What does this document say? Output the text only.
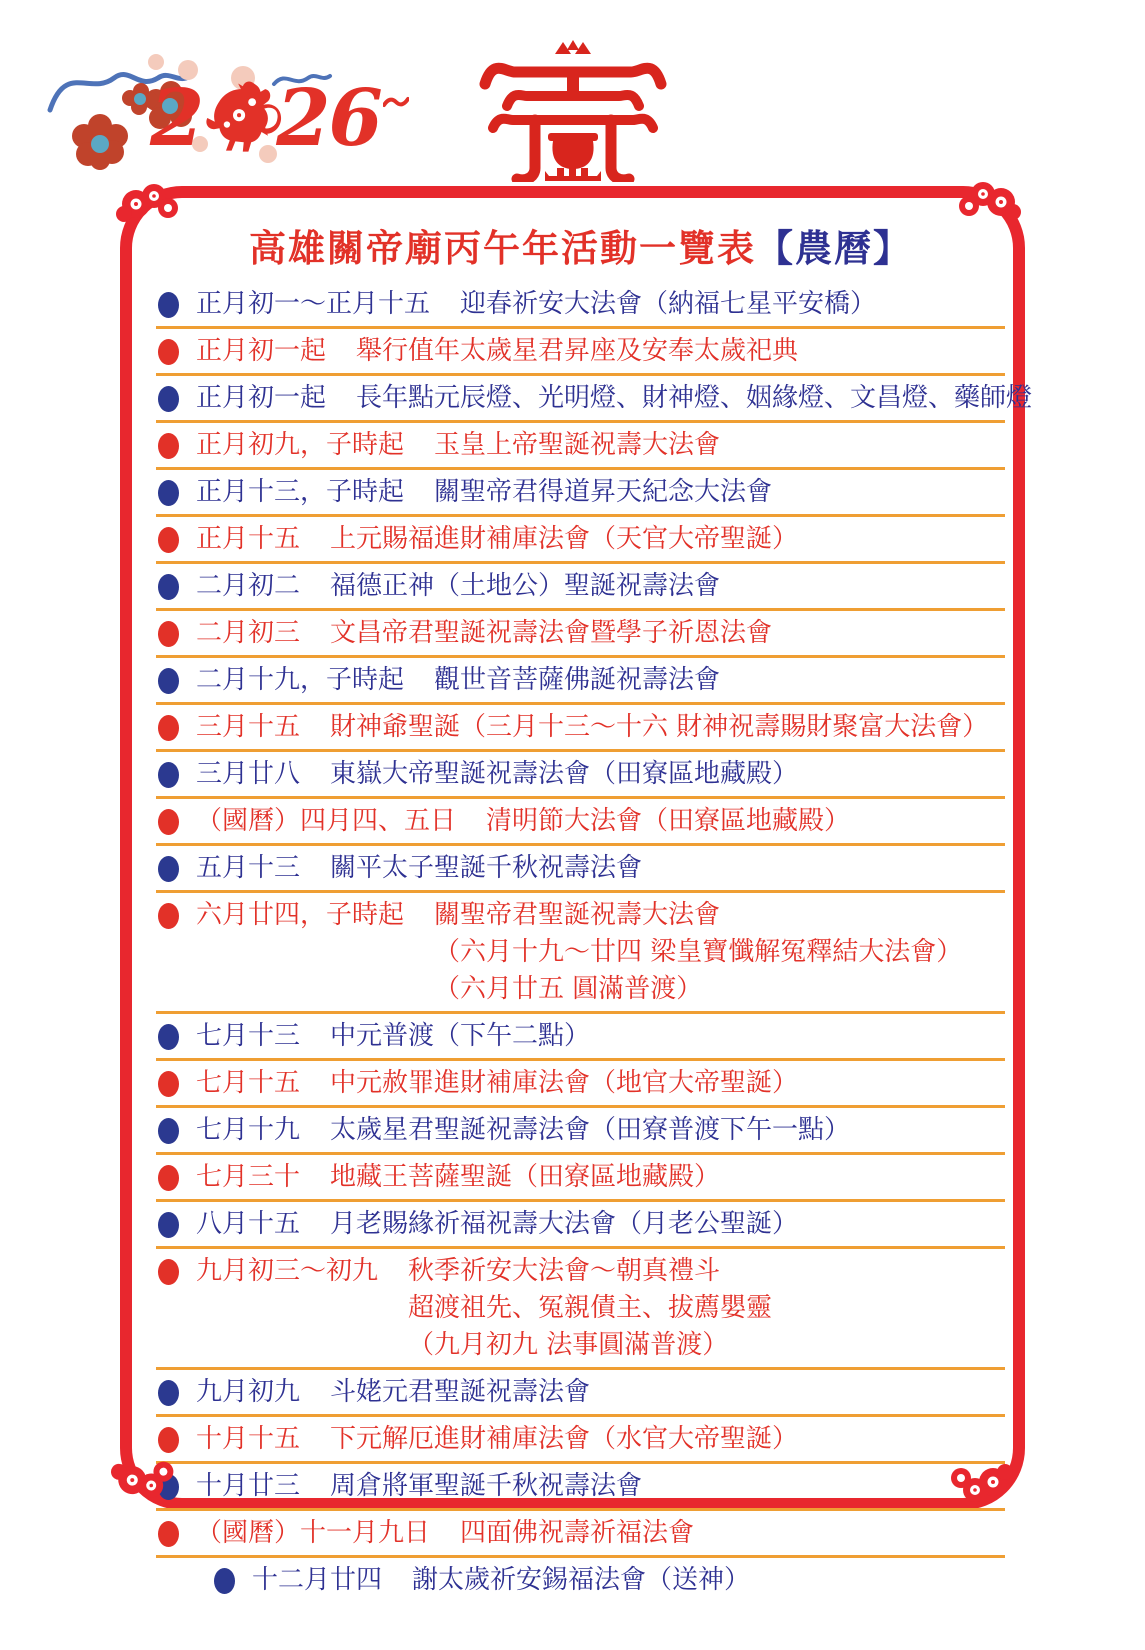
2 26
高雄關帝廟丙午年活動一覽表【農曆】
正月初一～正月十五 迎春祈安大法會（納福七星平安橋）
正月初一起 舉行值年太歲星君昇座及安奉太歲祀典
正月初一起 長年點元辰燈、光明燈、財神燈、姻緣燈、文昌燈、藥師燈
正月初九，子時起 玉皇上帝聖誕祝壽大法會
正月十三，子時起 關聖帝君得道昇天紀念大法會
正月十五 上元賜福進財補庫法會（天官大帝聖誕）
二月初二 福德正神（土地公）聖誕祝壽法會
二月初三 文昌帝君聖誕祝壽法會暨學子祈恩法會
二月十九，子時起 觀世音菩薩佛誕祝壽法會
三月十五 財神爺聖誕（三月十三～十六 財神祝壽賜財聚富大法會）
三月廿八 東嶽大帝聖誕祝壽法會（田寮區地藏殿）
（國曆）四月四、五日 清明節大法會（田寮區地藏殿）
五月十三 關平太子聖誕千秋祝壽法會
六月廿四，子時起 關聖帝君聖誕祝壽大法會
（六月十九～廿四 梁皇寶懺解冤釋結大法會）
（六月廿五 圓滿普渡）
七月十三 中元普渡（下午二點）
七月十五 中元赦罪進財補庫法會（地官大帝聖誕）
七月十九 太歲星君聖誕祝壽法會（田寮普渡下午一點）
七月三十 地藏王菩薩聖誕（田寮區地藏殿）
八月十五 月老賜緣祈福祝壽大法會（月老公聖誕）
九月初三～初九 秋季祈安大法會～朝真禮斗
超渡祖先、冤親債主、拔薦嬰靈
（九月初九 法事圓滿普渡）
九月初九 斗姥元君聖誕祝壽法會
十月十五 下元解厄進財補庫法會（水官大帝聖誕）
十月廿三 周倉將軍聖誕千秋祝壽法會
（國曆）十一月九日 四面佛祝壽祈福法會
十二月廿四 謝太歲祈安錫福法會（送神）
